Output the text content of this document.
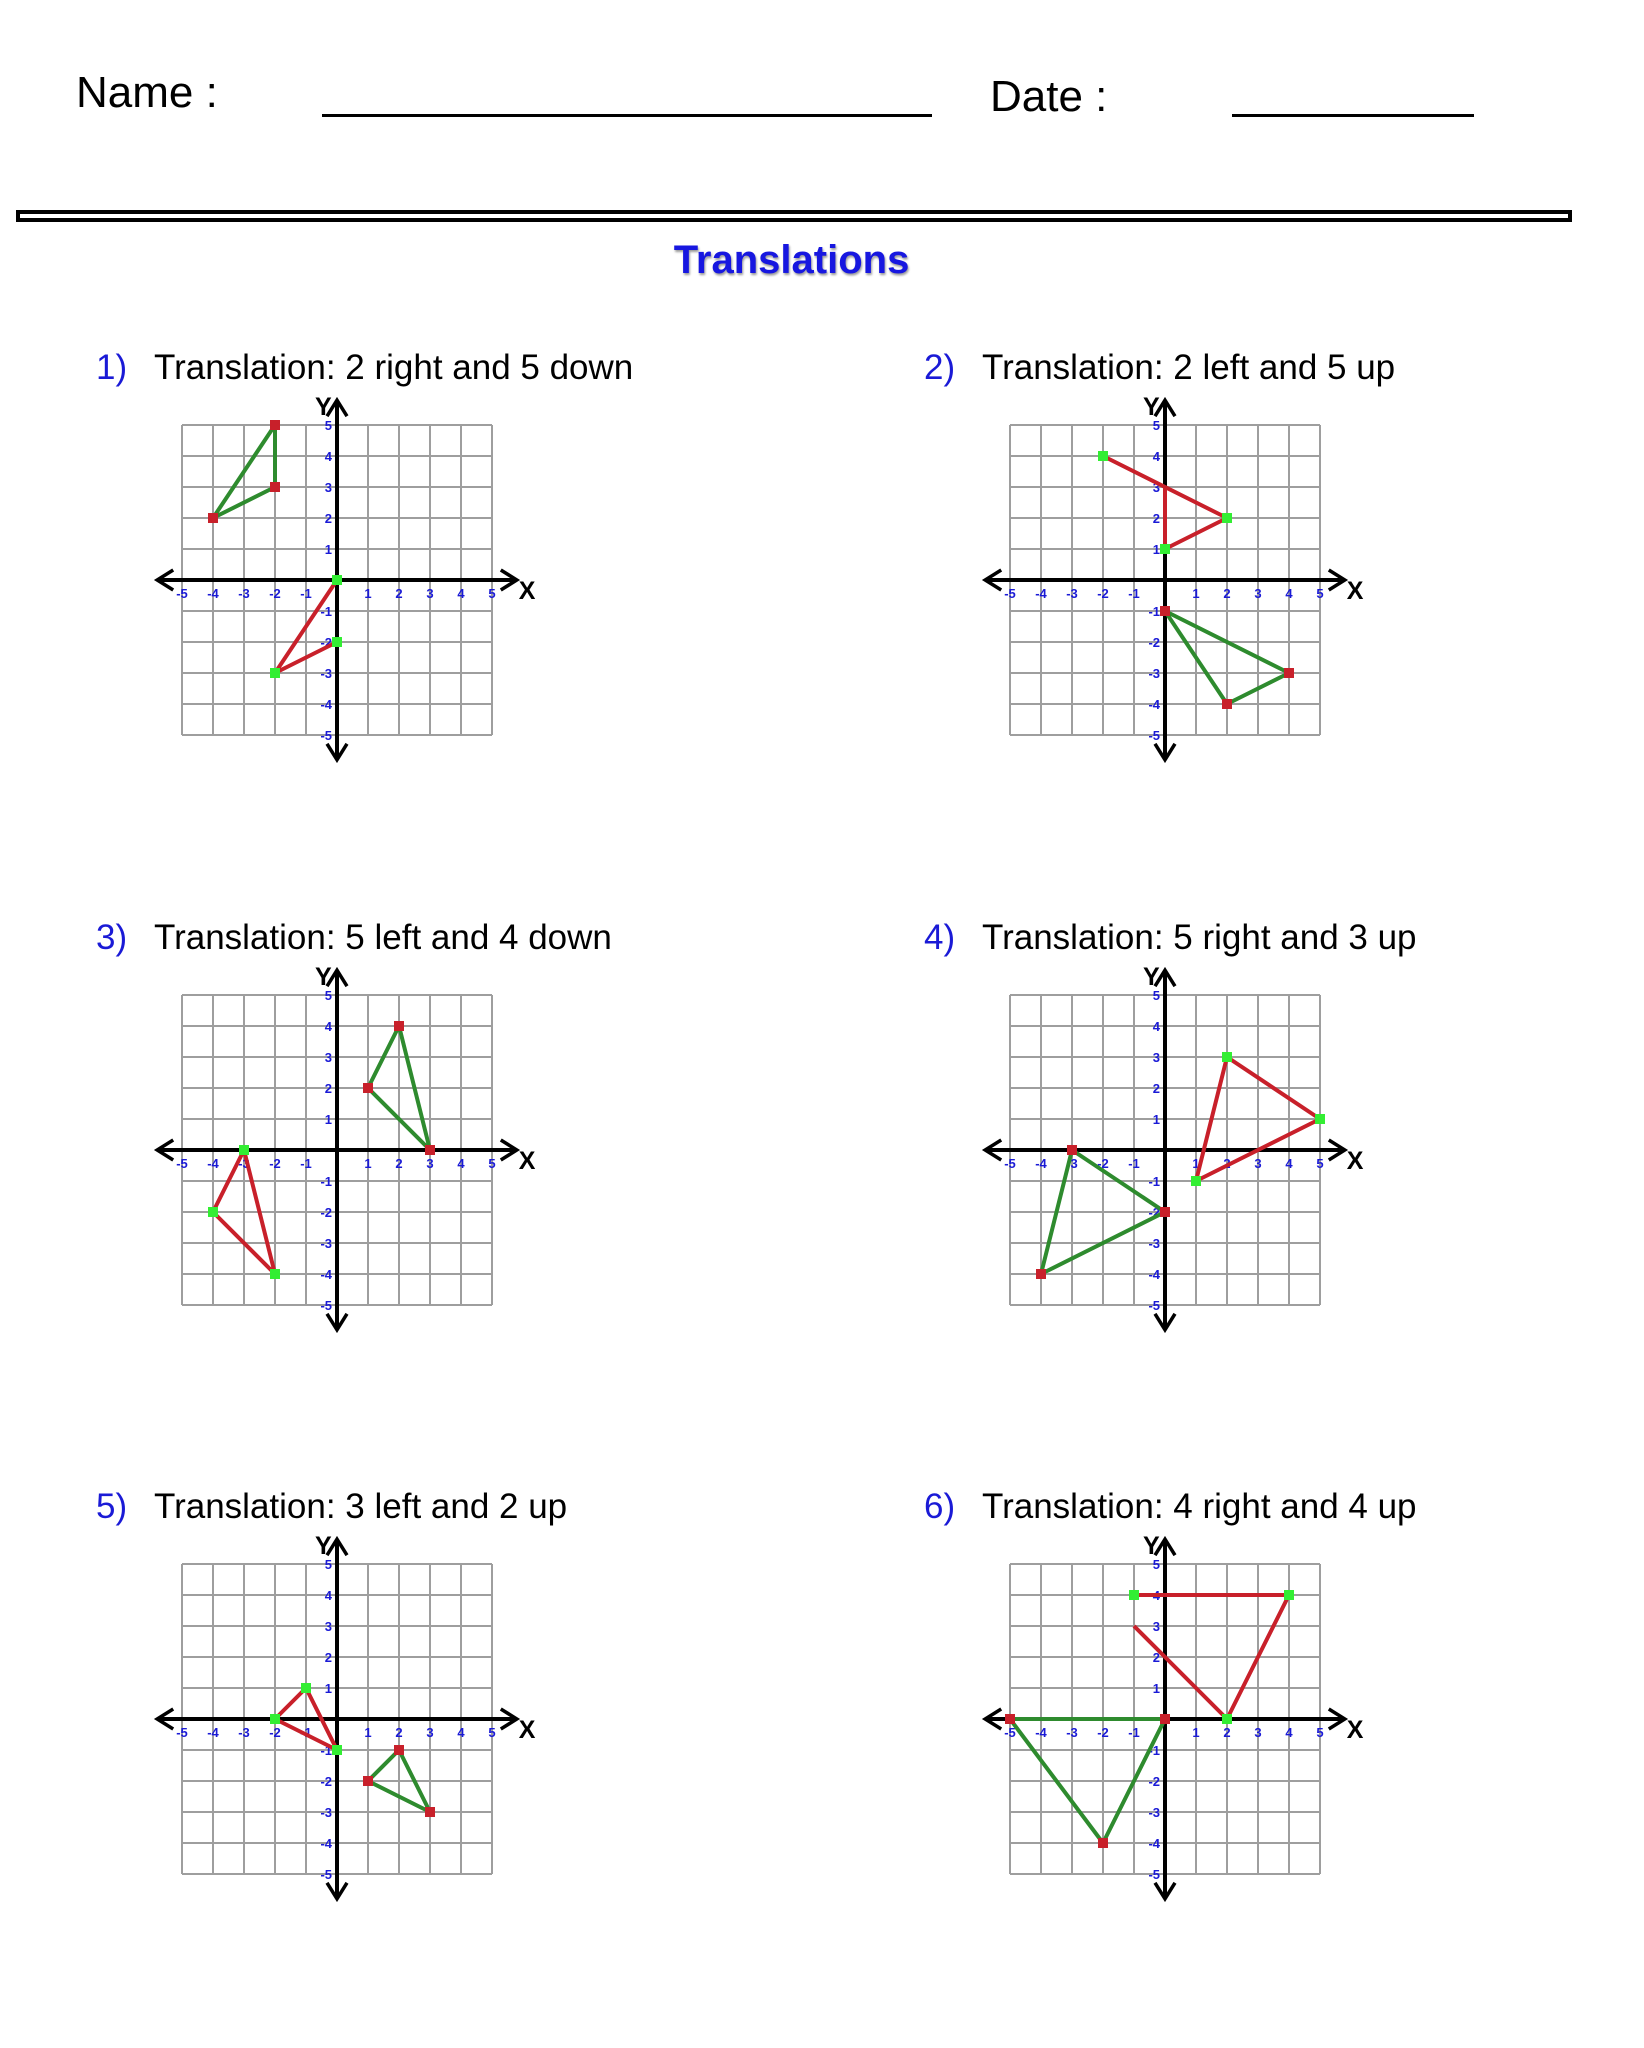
Name :	Date :
Translations
1) Translation: 2 right and 5 down
X
Y
-5 -4 -3 -2 -1	1 2 3 4 5
5
4
3
2
1
-1
-2
-3
-4
-5
2) Translation: 2 left and 5 up
X
Y
-5 -4 -3 -2 -1	1 2 3 4 5
5
4
3
2
1
-1
-2
-3
-4
-5
3) Translation: 5 left and 4 down
X
Y
-5 -4 -3 -2 -1	1 2 3 4 5
5
4
3
2
1
-1
-2
-3
-4
-5
4) Translation: 5 right and 3 up
X
Y
-5 -4 -3 -2 -1	1 2 3 4 5
5
4
3
2
1
-1
-2
-3
-4
-5
5) Translation: 3 left and 2 up
X
Y
-5 -4 -3 -2 -1	1 2 3 4 5
5
4
3
2
1
-1
-2
-3
-4
-5
6) Translation: 4 right and 4 up
X
Y
-5 -4 -3 -2 -1	1 2 3 4 5
5
4
3
2
1
-1
-2
-3
-4
-5
